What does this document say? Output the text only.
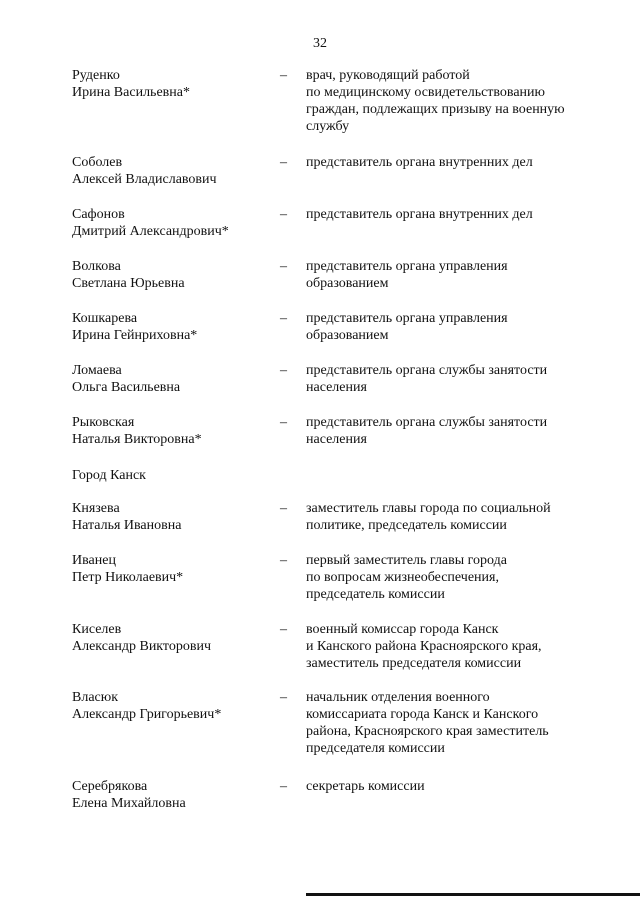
32
Руденко
Ирина Васильевна*
– врач, руководящий работой
по медицинскому освидетельствованию
граждан, подлежащих призыву на военную
службу
Соболев
Алексей Владиславович
– представитель органа внутренних дел
Сафонов
Дмитрий Александрович*
– представитель органа внутренних дел
Волкова
Светлана Юрьевна
– представитель органа управления
образованием
Кошкарева
Ирина Гейнриховна*
– представитель органа управления
образованием
Ломаева
Ольга Васильевна
– представитель органа службы занятости
населения
Рыковская
Наталья Викторовна*
– представитель органа службы занятости
населения
Город Канск
Князева
Наталья Ивановна
– заместитель главы города по социальной
политике, председатель комиссии
Иванец
Петр Николаевич*
– первый заместитель главы города
по вопросам жизнеобеспечения,
председатель комиссии
Киселев
Александр Викторович
– военный комиссар города Канск
и Канского района Красноярского края,
заместитель председателя комиссии
Власюк
Александр Григорьевич*
– начальник отделения военного
комиссариата города Канск и Канского
района, Красноярского края заместитель
председателя комиссии
Серебрякова
Елена Михайловна
– секретарь комиссии
